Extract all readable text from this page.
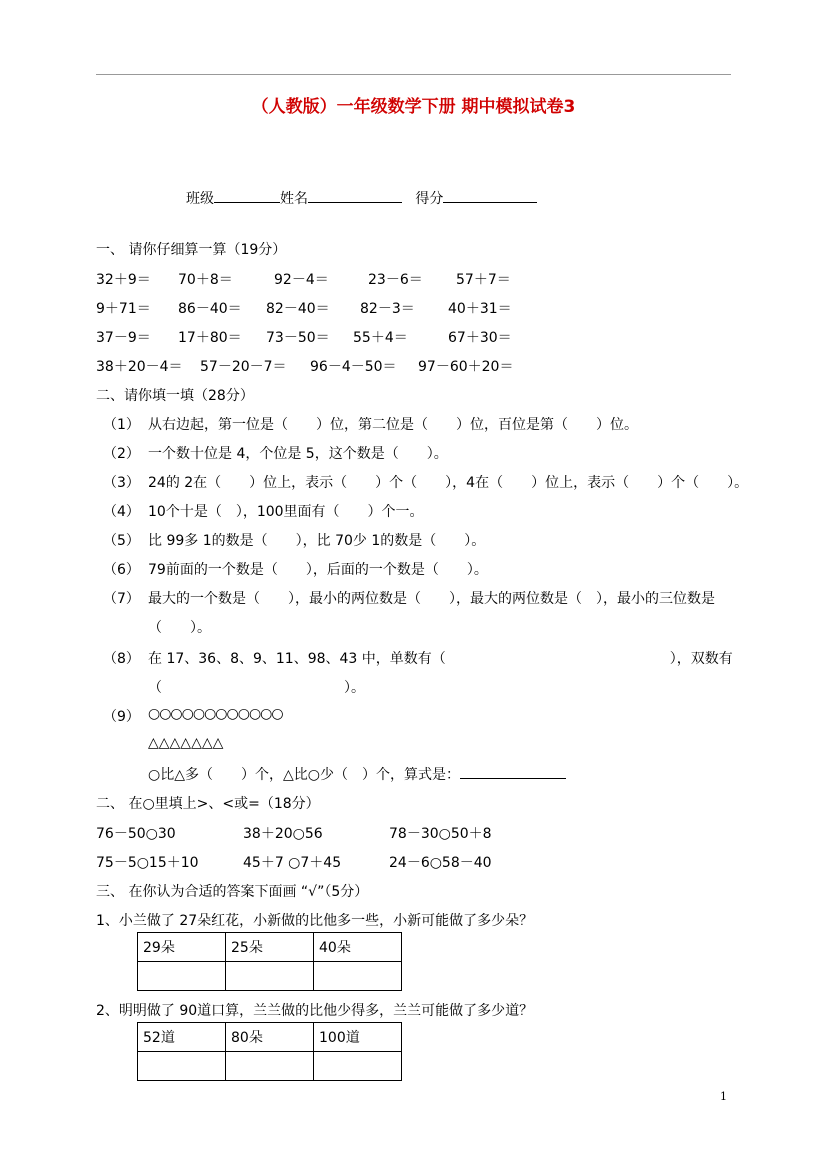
（人教版）一年级数学下册 期中模拟试卷3
班级	姓名	得分
一、 请你仔细算一算（19分）
32＋9＝ 70＋8＝	92－4＝	23－6＝ 57＋7＝
9＋71＝ 86－40＝ 82－40＝ 82－3＝ 40＋31＝
37－9＝ 17＋80＝ 73－50＝ 55＋4＝	67＋30＝
38＋20－4＝ 57－20－7＝ 96－4－50＝ 97－60＋20＝
二、请你填一填（28分）
（1） 从右边起，第一位是（　　）位，第二位是（　　）位，百位是第（　　）位。
（2） 一个数十位是 4，个位是 5，这个数是（　　）。
（3） 24的 2在（　　）位上，表示（　　）个（　　），4在（　　）位上，表示（　　）个（　　）。
（4） 10个十是（　），100里面有（　　）个一。
（5） 比 99多 1的数是（　　），比 70少 1的数是（　　）。
（6） 79前面的一个数是（　　），后面的一个数是（　　）。
（7） 最大的一个数是（　　），最小的两位数是（　　），最大的两位数是（　），最小的三位数是
（　　）。
（8） 在 17、36、8、9、11、98、43 中，单数有（　　　　　　　　　　　　　　　　），双数有
（　　　　　　　　　　　　　）。
（9） ○○○○○○○○○○○○
△△△△△△△
○比△多（　　）个，△比○少（　）个，算式是：
二、 在○里填上>、<或=（18分）
76－50○30	38＋20○56	78－30○50＋8
75－5○15＋10	45＋7 ○7＋45	24－6○58－40
三、 在你认为合适的答案下面画 “√”（5分）
1、小兰做了 27朵红花，小新做的比他多一些，小新可能做了多少朵？
29朵	25朵	40朵

2、明明做了 90道口算，兰兰做的比他少得多，兰兰可能做了多少道？
52道	80朵	100道

1
